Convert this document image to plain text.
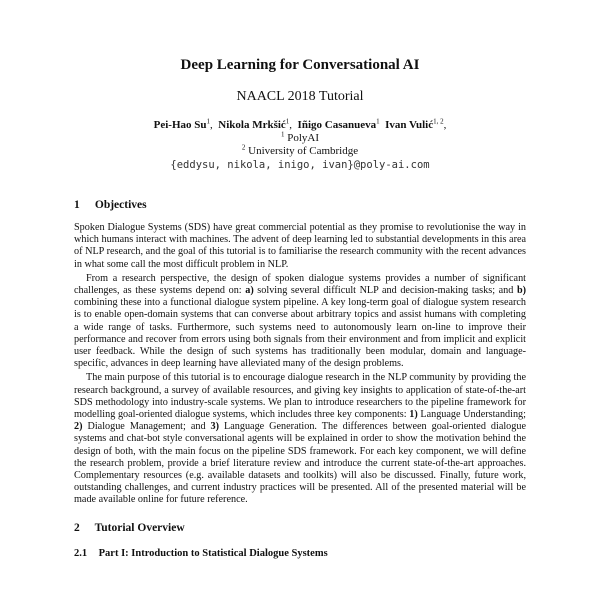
Deep Learning for Conversational AI
NAACL 2018 Tutorial
Pei-Hao Su$^1$,  Nikola Mrkšić$^1$,  Iñigo Casanueva$^1$ Ivan Vulić$^{1, 2}$,
$^1$ PolyAI
$^2$ University of Cambridge
{eddysu, nikola, inigo, ivan}@poly-ai.com
1 Objectives

Spoken Dialogue Systems (SDS) have great commercial potential as they promise to revolutionise the way in which humans interact with machines. The advent of deep learning led to substantial developments in this area of NLP research, and the goal of this tutorial is to familiarise the research community with the recent advances in what some call the most difficult problem in NLP.

From a research perspective, the design of spoken dialogue systems provides a number of significant challenges, as these systems depend on: a) solving several difficult NLP and decision-making tasks; and b) combining these into a functional dialogue system pipeline. A key long-term goal of dialogue system research is to enable open-domain systems that can converse about arbitrary topics and assist humans with completing a wide range of tasks. Furthermore, such systems need to autonomously learn on-line to improve their performance and recover from errors using both signals from their environment and from implicit and explicit user feedback. While the design of such systems has traditionally been modular, domain and language-specific, advances in deep learning have alleviated many of the design problems.

The main purpose of this tutorial is to encourage dialogue research in the NLP community by providing the research background, a survey of available resources, and giving key insights to application of state-of-the-art SDS methodology into industry-scale systems. We plan to introduce researchers to the pipeline framework for modelling goal-oriented dialogue systems, which includes three key components: 1) Language Understanding; 2) Dialogue Management; and 3) Language Generation. The differences between goal-oriented dialogue systems and chat-bot style conversational agents will be explained in order to show the motivation behind the design of both, with the main focus on the pipeline SDS framework. For each key component, we will define the research problem, provide a brief literature review and introduce the current state-of-the-art approaches. Complementary resources (e.g. available datasets and toolkits) will also be discussed. Finally, future work, outstanding challenges, and current industry practices will be presented. All of the presented material will be made available online for future reference.

2 Tutorial Overview
2.1 Part I: Introduction to Statistical Dialogue Systems
